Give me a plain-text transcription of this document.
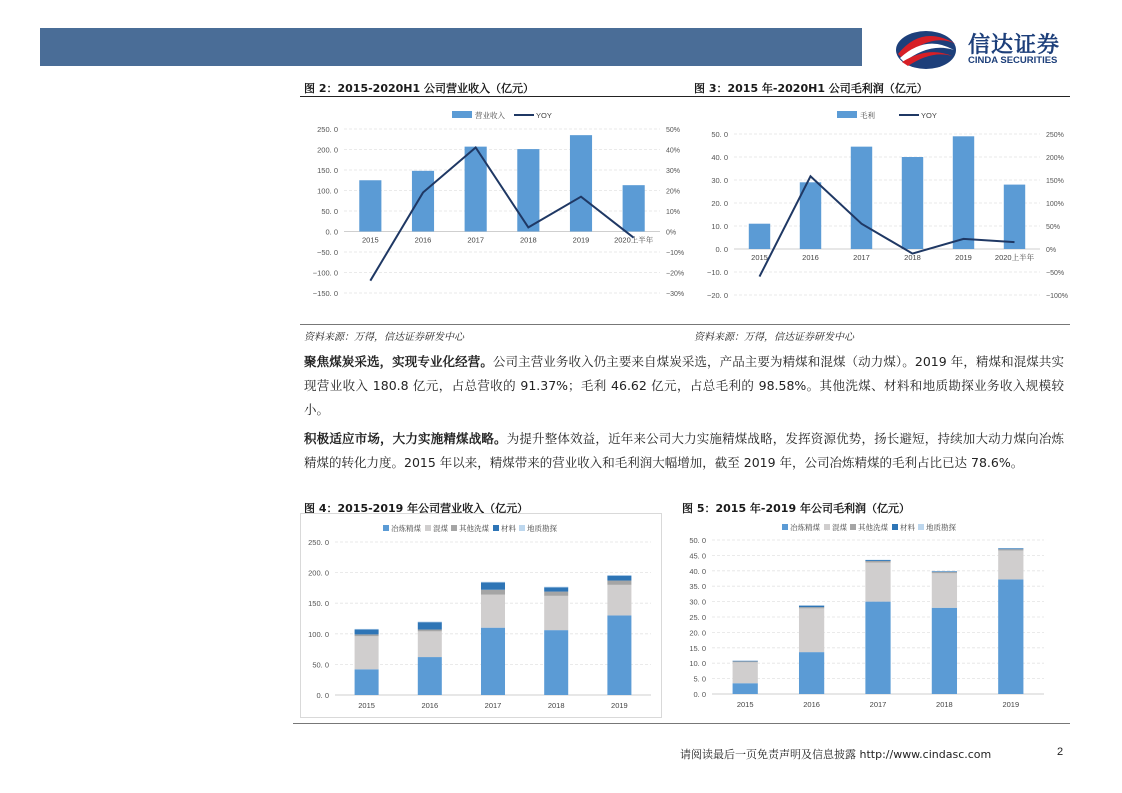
信达证券
CINDA SECURITIES
图 2：2015-2020H1 公司营业收入（亿元）	图 3：2015 年-2020H1 公司毛利润（亿元）
营业收入	YOY
−150. 0
−100. 0
−50. 0
0. 0
50. 0
100. 0
150. 0
200. 0
250. 0
−30%
−20%
−10%
0%
10%
20%
30%
40%
50%
2015	2016	2017	2018	2019	2020上半年
毛利	YOY
−20. 0
−10. 0
0. 0
10. 0
20. 0
30. 0
40. 0
50. 0
−100%
−50%
0%
50%
100%
150%
200%
250%
2015	2016	2017	2018	2019	2020上半年
资料来源：万得，信达证券研发中心	资料来源：万得，信达证券研发中心
聚焦煤炭采选，实现专业化经营。公司主营业务收入仍主要来自煤炭采选，产品主要为精煤和混煤（动力煤）。2019 年，精煤和混煤共实现营业收入 180.8 亿元，占总营收的 91.37%；毛利 46.62 亿元，占总毛利的 98.58%。其他洗煤、材料和地质勘探业务收入规模较小。
积极适应市场，大力实施精煤战略。为提升整体效益，近年来公司大力实施精煤战略，发挥资源优势，扬长避短，持续加大动力煤向冶炼精煤的转化力度。2015 年以来，精煤带来的营业收入和毛利润大幅增加，截至 2019 年，公司冶炼精煤的毛利占比已达 78.6%。
图 4：2015-2019 年公司营业收入（亿元）	图 5：2015 年-2019 年公司毛利润（亿元）
冶炼精煤 混煤 其他洗煤 材料 地质勘探
0. 0
50. 0
100. 0
150. 0
200. 0
250. 0
2015	2016	2017	2018	2019
冶炼精煤 混煤 其他洗煤 材料 地质勘探
0. 0
5. 0
10. 0
15. 0
20. 0
25. 0
30. 0
35. 0
40. 0
45. 0
50. 0
2015	2016	2017	2018	2019
请阅读最后一页免责声明及信息披露 http://www.cindasc.com	2
